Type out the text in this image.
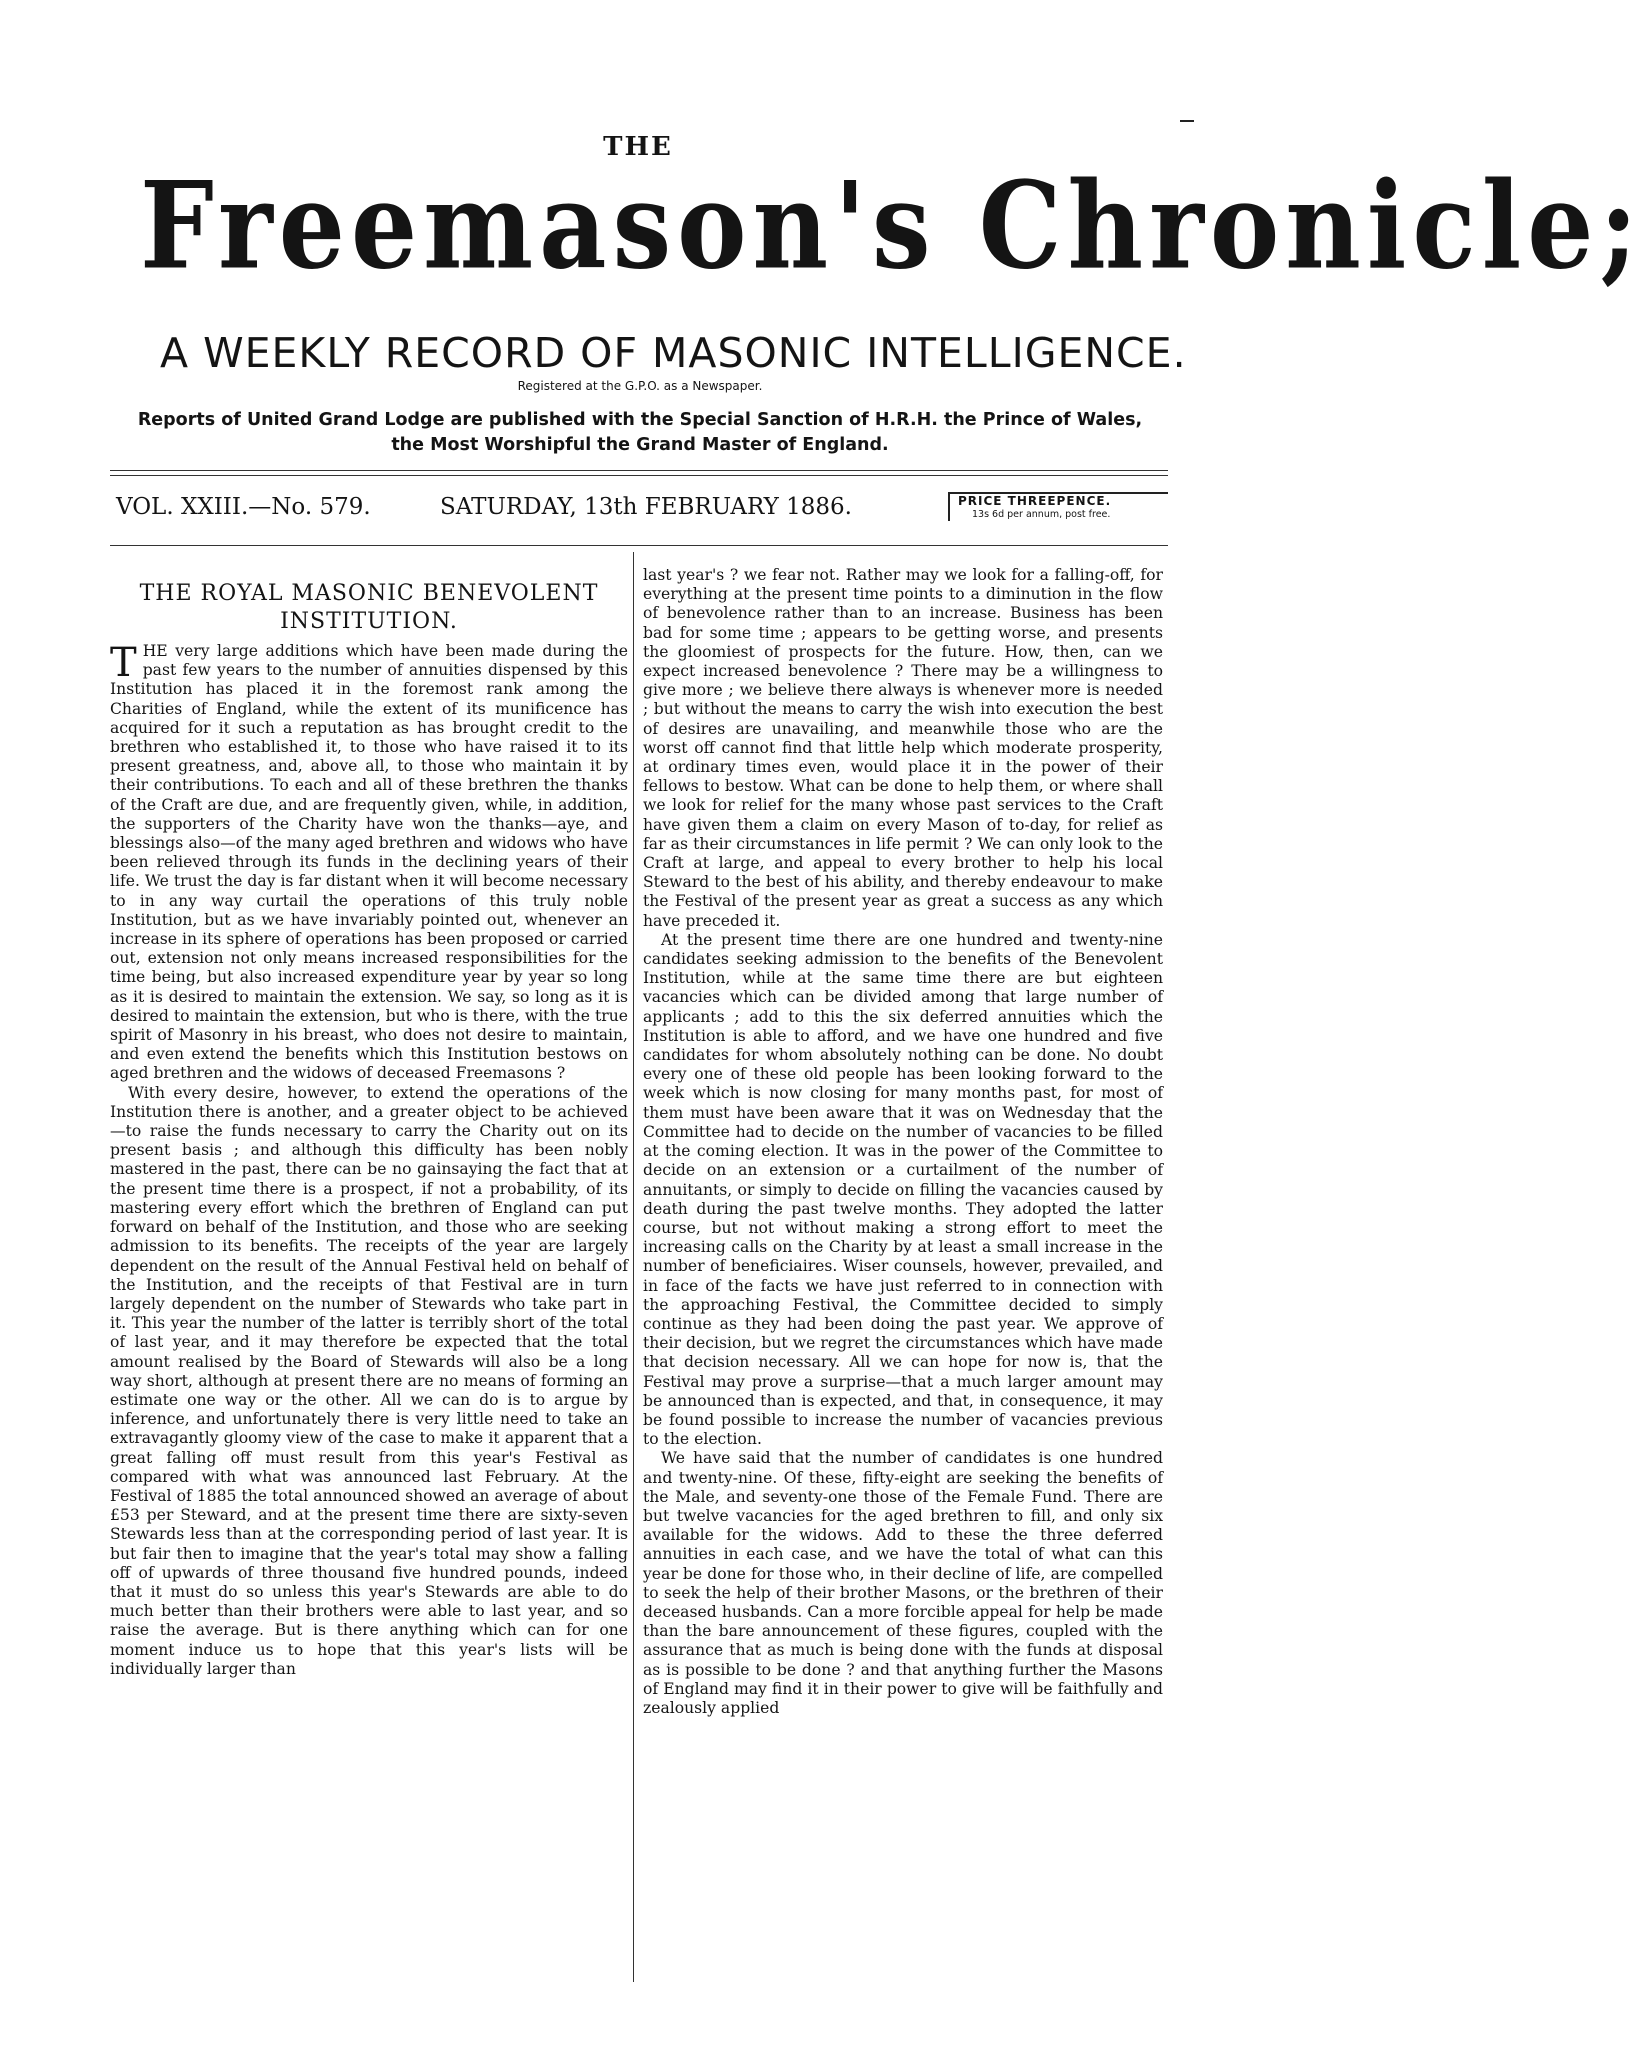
THE
Freemason's Chronicle;
A WEEKLY RECORD OF MASONIC INTELLIGENCE.
Registered at the G.P.O. as a Newspaper.
Reports of United Grand Lodge are published with the Special Sanction of H.R.H. the Prince of Wales,
the Most Worshipful the Grand Master of England.
VOL. XXIII.—No. 579.	SATURDAY, 13th FEBRUARY 1886.	PRICE THREEPENCE.
13s 6d per annum, post free.
THE ROYAL MASONIC BENEVOLENT INSTITUTION.

THE very large additions which have been made during the past few years to the number of annuities dispensed by this Institution has placed it in the foremost rank among the Charities of England, while the extent of its munificence has acquired for it such a reputation as has brought credit to the brethren who established it, to those who have raised it to its present greatness, and, above all, to those who maintain it by their contributions. To each and all of these brethren the thanks of the Craft are due, and are frequently given, while, in addition, the supporters of the Charity have won the thanks—aye, and blessings also—of the many aged brethren and widows who have been relieved through its funds in the declining years of their life. We trust the day is far distant when it will become necessary to in any way curtail the operations of this truly noble Institution, but as we have invariably pointed out, whenever an increase in its sphere of operations has been proposed or carried out, extension not only means increased responsibilities for the time being, but also increased expenditure year by year so long as it is desired to maintain the extension. We say, so long as it is desired to maintain the extension, but who is there, with the true spirit of Masonry in his breast, who does not desire to maintain, and even extend the benefits which this Institution bestows on aged brethren and the widows of deceased Freemasons ?

With every desire, however, to extend the operations of the Institution there is another, and a greater object to be achieved—to raise the funds necessary to carry the Charity out on its present basis ; and although this difficulty has been nobly mastered in the past, there can be no gainsaying the fact that at the present time there is a prospect, if not a probability, of its mastering every effort which the brethren of England can put forward on behalf of the Institution, and those who are seeking admission to its benefits. The receipts of the year are largely dependent on the result of the Annual Festival held on behalf of the Institution, and the receipts of that Festival are in turn largely dependent on the number of Stewards who take part in it. This year the number of the latter is terribly short of the total of last year, and it may therefore be expected that the total amount realised by the Board of Stewards will also be a long way short, although at present there are no means of forming an estimate one way or the other. All we can do is to argue by inference, and unfortunately there is very little need to take an extravagantly gloomy view of the case to make it apparent that a great falling off must result from this year's Festival as compared with what was announced last February. At the Festival of 1885 the total announced showed an average of about £53 per Steward, and at the present time there are sixty-seven Stewards less than at the corresponding period of last year. It is but fair then to imagine that the year's total may show a falling off of upwards of three thousand five hundred pounds, indeed that it must do so unless this year's Stewards are able to do much better than their brothers were able to last year, and so raise the average. But is there anything which can for one moment induce us to hope that this year's lists will be individually larger than

last year's ? we fear not. Rather may we look for a falling-off, for everything at the present time points to a diminution in the flow of benevolence rather than to an increase. Business has been bad for some time ; appears to be getting worse, and presents the gloomiest of prospects for the future. How, then, can we expect increased benevolence ? There may be a willingness to give more ; we believe there always is whenever more is needed ; but without the means to carry the wish into execution the best of desires are unavailing, and meanwhile those who are the worst off cannot find that little help which moderate prosperity, at ordinary times even, would place it in the power of their fellows to bestow. What can be done to help them, or where shall we look for relief for the many whose past services to the Craft have given them a claim on every Mason of to-day, for relief as far as their circumstances in life permit ? We can only look to the Craft at large, and appeal to every brother to help his local Steward to the best of his ability, and thereby endeavour to make the Festival of the present year as great a success as any which have preceded it.

At the present time there are one hundred and twenty-nine candidates seeking admission to the benefits of the Benevolent Institution, while at the same time there are but eighteen vacancies which can be divided among that large number of applicants ; add to this the six deferred annuities which the Institution is able to afford, and we have one hundred and five candidates for whom absolutely nothing can be done. No doubt every one of these old people has been looking forward to the week which is now closing for many months past, for most of them must have been aware that it was on Wednesday that the Committee had to decide on the number of vacancies to be filled at the coming election. It was in the power of the Committee to decide on an extension or a curtailment of the number of annuitants, or simply to decide on filling the vacancies caused by death during the past twelve months. They adopted the latter course, but not without making a strong effort to meet the increasing calls on the Charity by at least a small increase in the number of beneficiaires. Wiser counsels, however, prevailed, and in face of the facts we have just referred to in connection with the approaching Festival, the Committee decided to simply continue as they had been doing the past year. We approve of their decision, but we regret the circumstances which have made that decision necessary. All we can hope for now is, that the Festival may prove a surprise—that a much larger amount may be announced than is expected, and that, in consequence, it may be found possible to increase the number of vacancies previous to the election.

We have said that the number of candidates is one hundred and twenty-nine. Of these, fifty-eight are seeking the benefits of the Male, and seventy-one those of the Female Fund. There are but twelve vacancies for the aged brethren to fill, and only six available for the widows. Add to these the three deferred annuities in each case, and we have the total of what can this year be done for those who, in their decline of life, are compelled to seek the help of their brother Masons, or the brethren of their deceased husbands. Can a more forcible appeal for help be made than the bare announcement of these figures, coupled with the assurance that as much is being done with the funds at disposal as is possible to be done ? and that anything further the Masons of England may find it in their power to give will be faithfully and zealously applied
